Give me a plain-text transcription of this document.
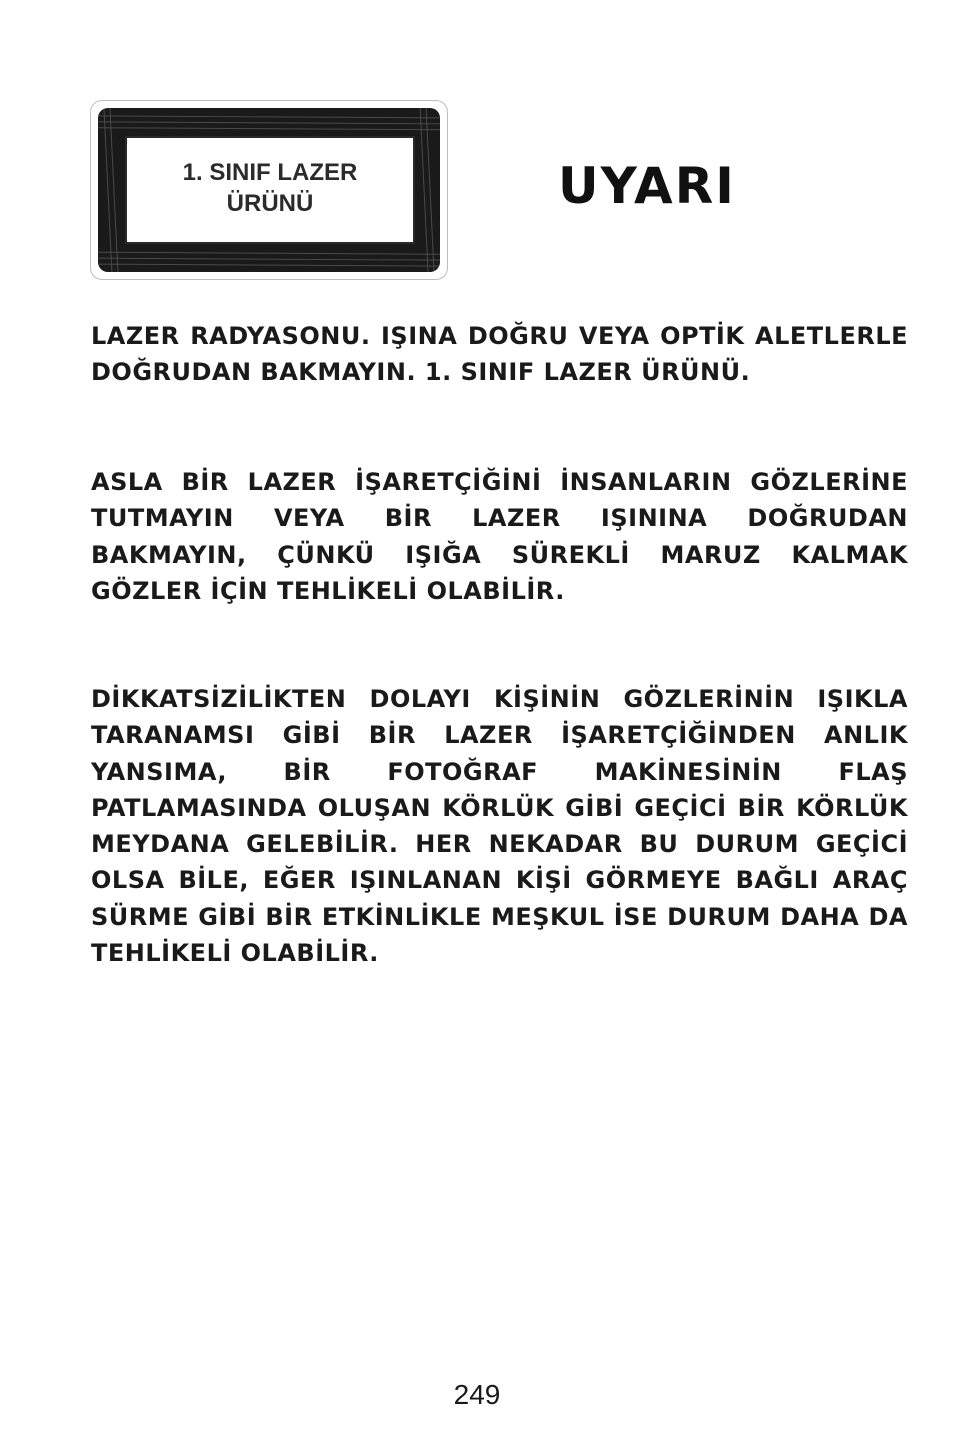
1. SINIF LAZER
ÜRÜNÜ	UYARI

LAZER RADYASONU. IŞINA DOĞRU VEYA OPTİK ALETLERLE DOĞRUDAN BAKMAYIN. 1. SINIF LAZER ÜRÜNÜ.

ASLA BİR LAZER İŞARETÇİĞİNİ İNSANLARIN GÖZLERİNE TUTMAYIN VEYA BİR LAZER IŞININA DOĞRUDAN BAKMAYIN, ÇÜNKÜ IŞIĞA SÜREKLİ MARUZ KALMAK GÖZLER İÇİN TEHLİKELİ OLABİLİR.

DİKKATSİZİLİKTEN DOLAYI KİŞİNİN GÖZLERİNİN IŞIKLA TARANAMSI GİBİ BİR LAZER İŞARETÇİĞİNDEN ANLIK YANSIMA, BİR FOTOĞRAF MAKİNESİNİN FLAŞ PATLAMASINDA OLUŞAN KÖRLÜK GİBİ GEÇİCİ BİR KÖRLÜK MEYDANA GELEBİLİR. HER NEKADAR BU DURUM GEÇİCİ OLSA BİLE, EĞER IŞINLANAN KİŞİ GÖRMEYE BAĞLI ARAÇ SÜRME GİBİ BİR ETKİNLİKLE MEŞKUL İSE DURUM DAHA DA TEHLİKELİ OLABİLİR.

249
